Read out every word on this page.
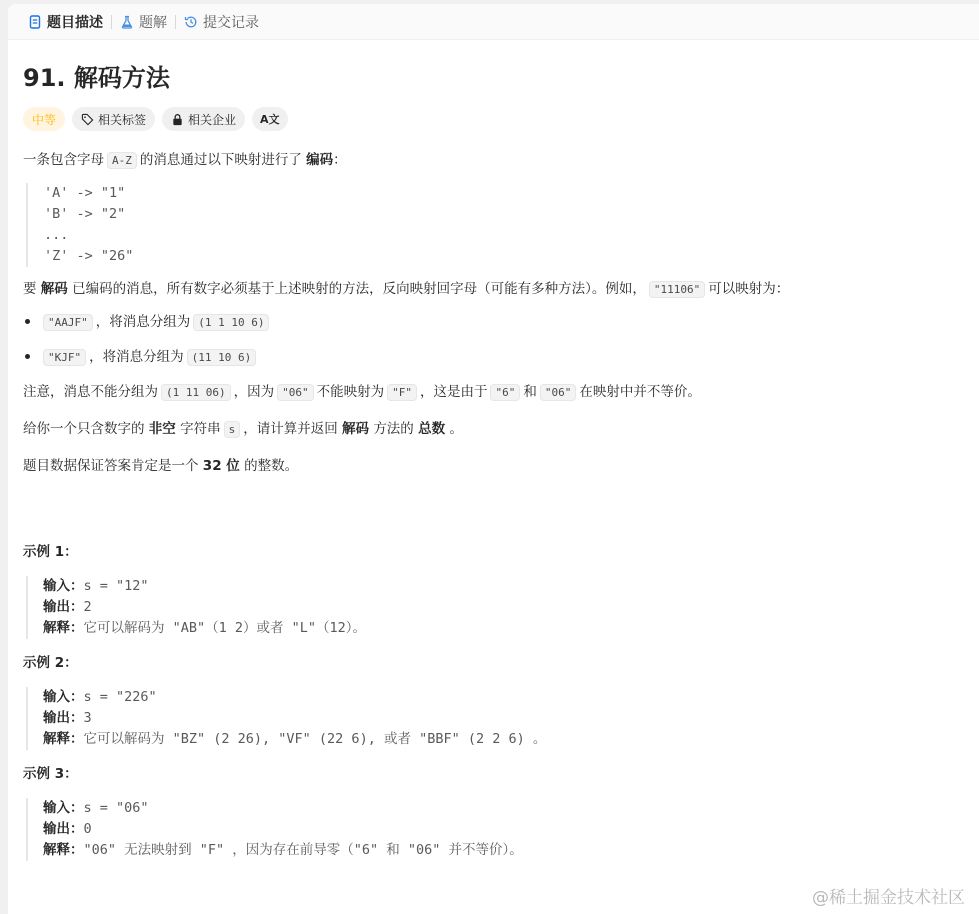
题目描述	题解	提交记录
91. 解码方法
中等	相关标签	相关企业 A文

一条包含字母 A-Z 的消息通过以下映射进行了 编码：

'A' -> "1"
'B' -> "2"
...
'Z' -> "26"

要 解码 已编码的消息，所有数字必须基于上述映射的方法，反向映射回字母（可能有多种方法）。例如， "11106" 可以映射为：

"AAJF" ，将消息分组为 (1 1 10 6)
"KJF" ，将消息分组为 (11 10 6)

注意，消息不能分组为 (1 11 06) ，因为 "06" 不能映射为 "F" ，这是由于 "6" 和 "06" 在映射中并不等价。

给你一个只含数字的 非空 字符串 s ，请计算并返回 解码 方法的 总数 。

题目数据保证答案肯定是一个 32 位 的整数。

示例 1：
输入：s = "12"
输出：2
解释：它可以解码为 "AB"（1 2）或者 "L"（12）。
示例 2：
输入：s = "226"
输出：3
解释：它可以解码为 "BZ" (2 26), "VF" (22 6), 或者 "BBF" (2 2 6) 。
示例 3：
输入：s = "06"
输出：0
解释："06" 无法映射到 "F" ，因为存在前导零（"6" 和 "06" 并不等价）。
@稀土掘金技术社区
